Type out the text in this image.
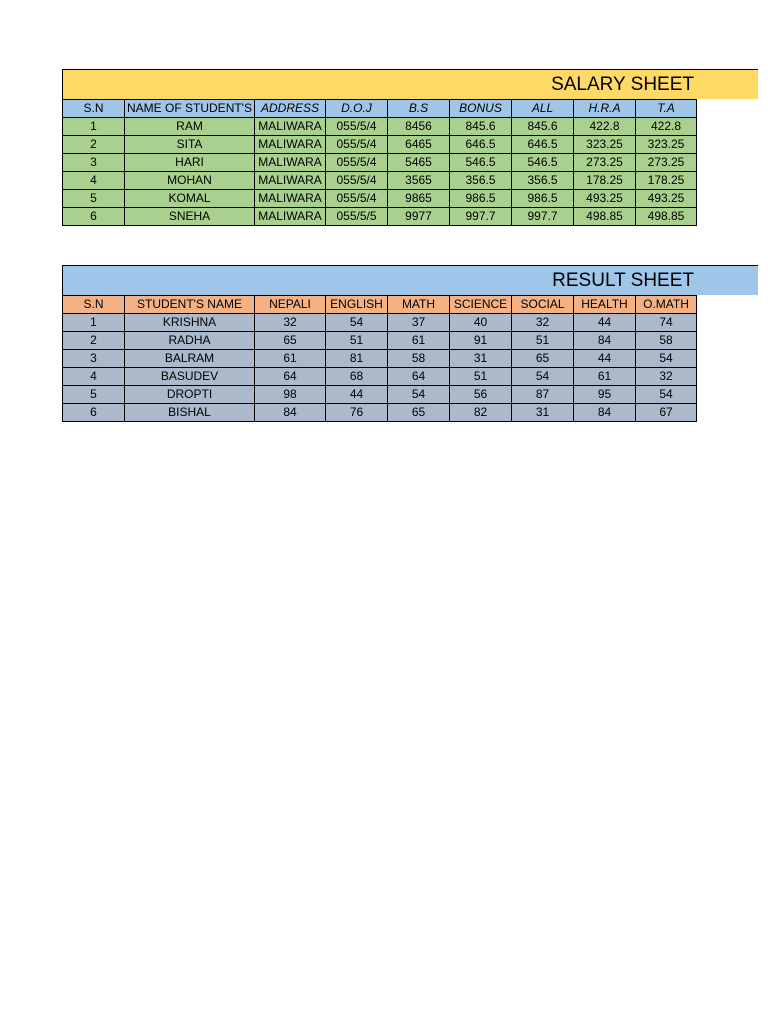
SALARY SHEET
S.N	NAME OF STUDENT'S	ADDRESS	D.O.J	B.S	BONUS	ALL	H.R.A	T.A
1	RAM	MALIWARA	055/5/4	8456	845.6	845.6	422.8	422.8
2	SITA	MALIWARA	055/5/4	6465	646.5	646.5	323.25	323.25
3	HARI	MALIWARA	055/5/4	5465	546.5	546.5	273.25	273.25
4	MOHAN	MALIWARA	055/5/4	3565	356.5	356.5	178.25	178.25
5	KOMAL	MALIWARA	055/5/4	9865	986.5	986.5	493.25	493.25
6	SNEHA	MALIWARA	055/5/5	9977	997.7	997.7	498.85	498.85
RESULT SHEET
S.N	STUDENT'S NAME	NEPALI	ENGLISH	MATH	SCIENCE	SOCIAL	HEALTH	O.MATH
1	KRISHNA	32	54	37	40	32	44	74
2	RADHA	65	51	61	91	51	84	58
3	BALRAM	61	81	58	31	65	44	54
4	BASUDEV	64	68	64	51	54	61	32
5	DROPTI	98	44	54	56	87	95	54
6	BISHAL	84	76	65	82	31	84	67
